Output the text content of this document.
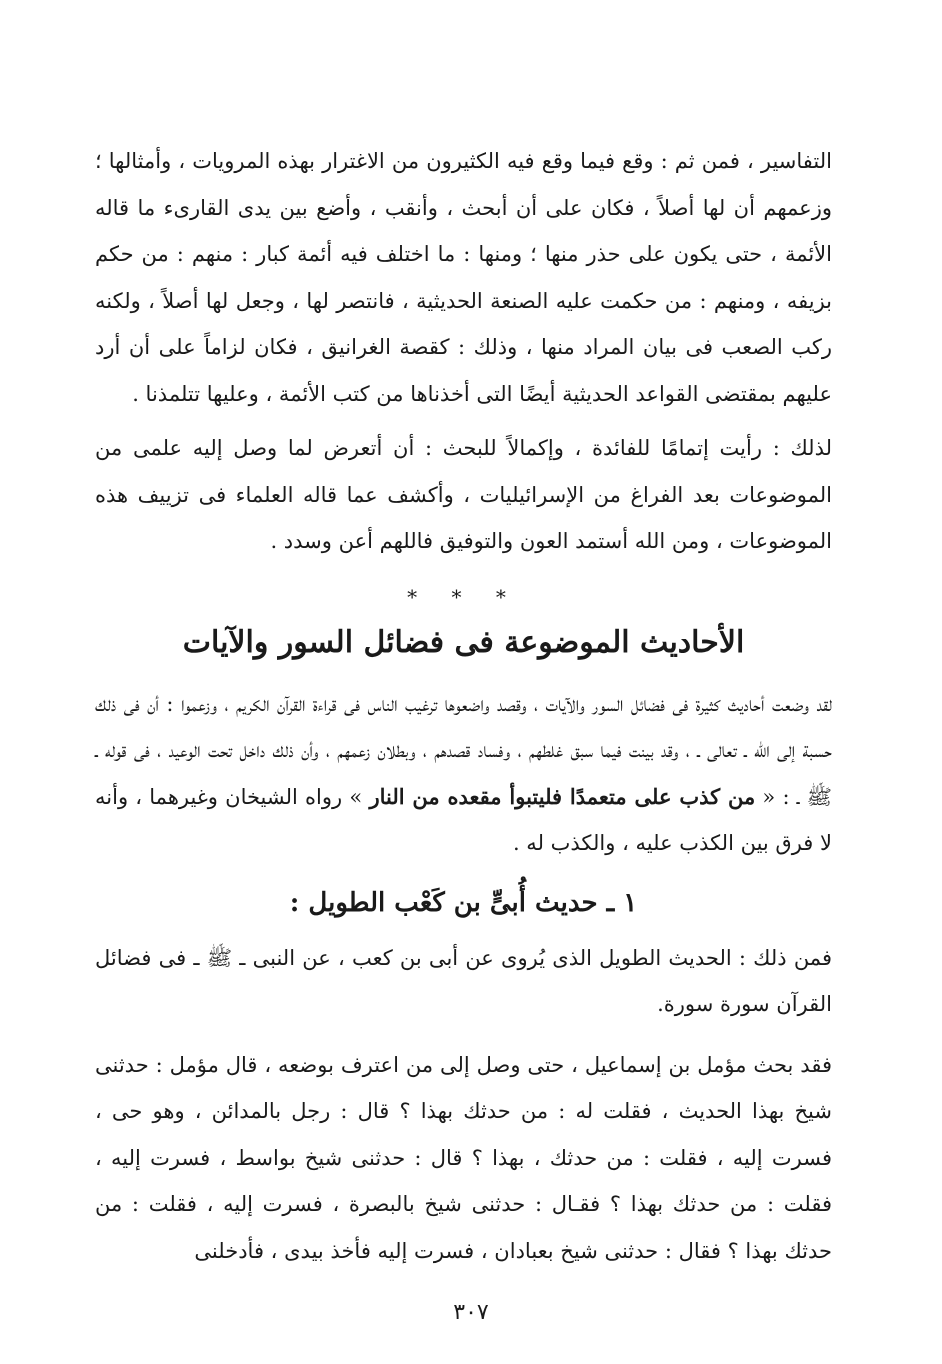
التفاسير ، فمن ثم : وقع فيما وقع فيه الكثيرون من الاغترار بهذه المرويات ، وأمثالها ؛ وزعمهم أن لها أصلاً ، فكان على أن أبحث ، وأنقب ، وأضع بين يدى القارىء ما قاله الأئمة ، حتى يكون على حذر منها ؛ ومنها : ما اختلف فيه أئمة كبار : منهم : من حكم بزيفه ، ومنهم : من حكمت عليه الصنعة الحديثية ، فانتصر لها ، وجعل لها أصلاً ، ولكنه ركب الصعب فى بيان المراد منها ، وذلك : كقصة الغرانيق ، فكان لزاماً على أن أرد عليهم بمقتضى القواعد الحديثية أيضًا التى أخذناها من كتب الأئمة ، وعليها تتلمذنا .

لذلك : رأيت إتمامًا للفائدة ، وإكمالاً للبحث : أن أتعرض لما وصل إليه علمى من الموضوعات بعد الفراغ من الإسرائيليات ، وأكشف عما قاله العلماء فى تزييف هذه الموضوعات ، ومن الله أستمد العون والتوفيق فاللهم أعن وسدد .

* * *
الأحاديث الموضوعة فى فضائل السور والآيات

لقد وضعت أحاديث كثيرة فى فضائل السور والآيات ، وقصد واضعوها ترغيب الناس فى قراءة القرآن الكريم ، وزعموا : أن فى ذلك حسبة إلى الله ـ تعالى ـ ، وقد بينت فيما سبق غلطهم ، وفساد قصدهم ، وبطلان زعمهم ، وأن ذلك داخل تحت الوعيد ، فى قوله ـ ﷺ ـ : « من كذب على متعمدًا فليتبوأ مقعده من النار » رواه الشيخان وغيرهما ، وأنه لا فرق بين الكذب عليه ، والكذب له .

١ ـ حديث أُبىٍّ بن كَعْب الطويل :

فمن ذلك : الحديث الطويل الذى يُروى عن أبى بن كعب ، عن النبى ـ ﷺ ـ فى فضائل القرآن سورة سورة.

فقد بحث مؤمل بن إسماعيل ، حتى وصل إلى من اعترف بوضعه ، قال مؤمل : حدثنى شيخ بهذا الحديث ، فقلت له : من حدثك بهذا ؟ قال : رجل بالمدائن ، وهو حى ، فسرت إليه ، فقلت : من حدثك ، بهذا ؟ قال : حدثنى شيخ بواسط ، فسرت إليه ، فقلت : من حدثك بهذا ؟ فقـال : حدثنى شيخ بالبصرة ، فسرت إليه ، فقلت : من حدثك بهذا ؟ فقال : حدثنى شيخ بعبادان ، فسرت إليه فأخذ بيدى ، فأدخلنى

٣٠٧
